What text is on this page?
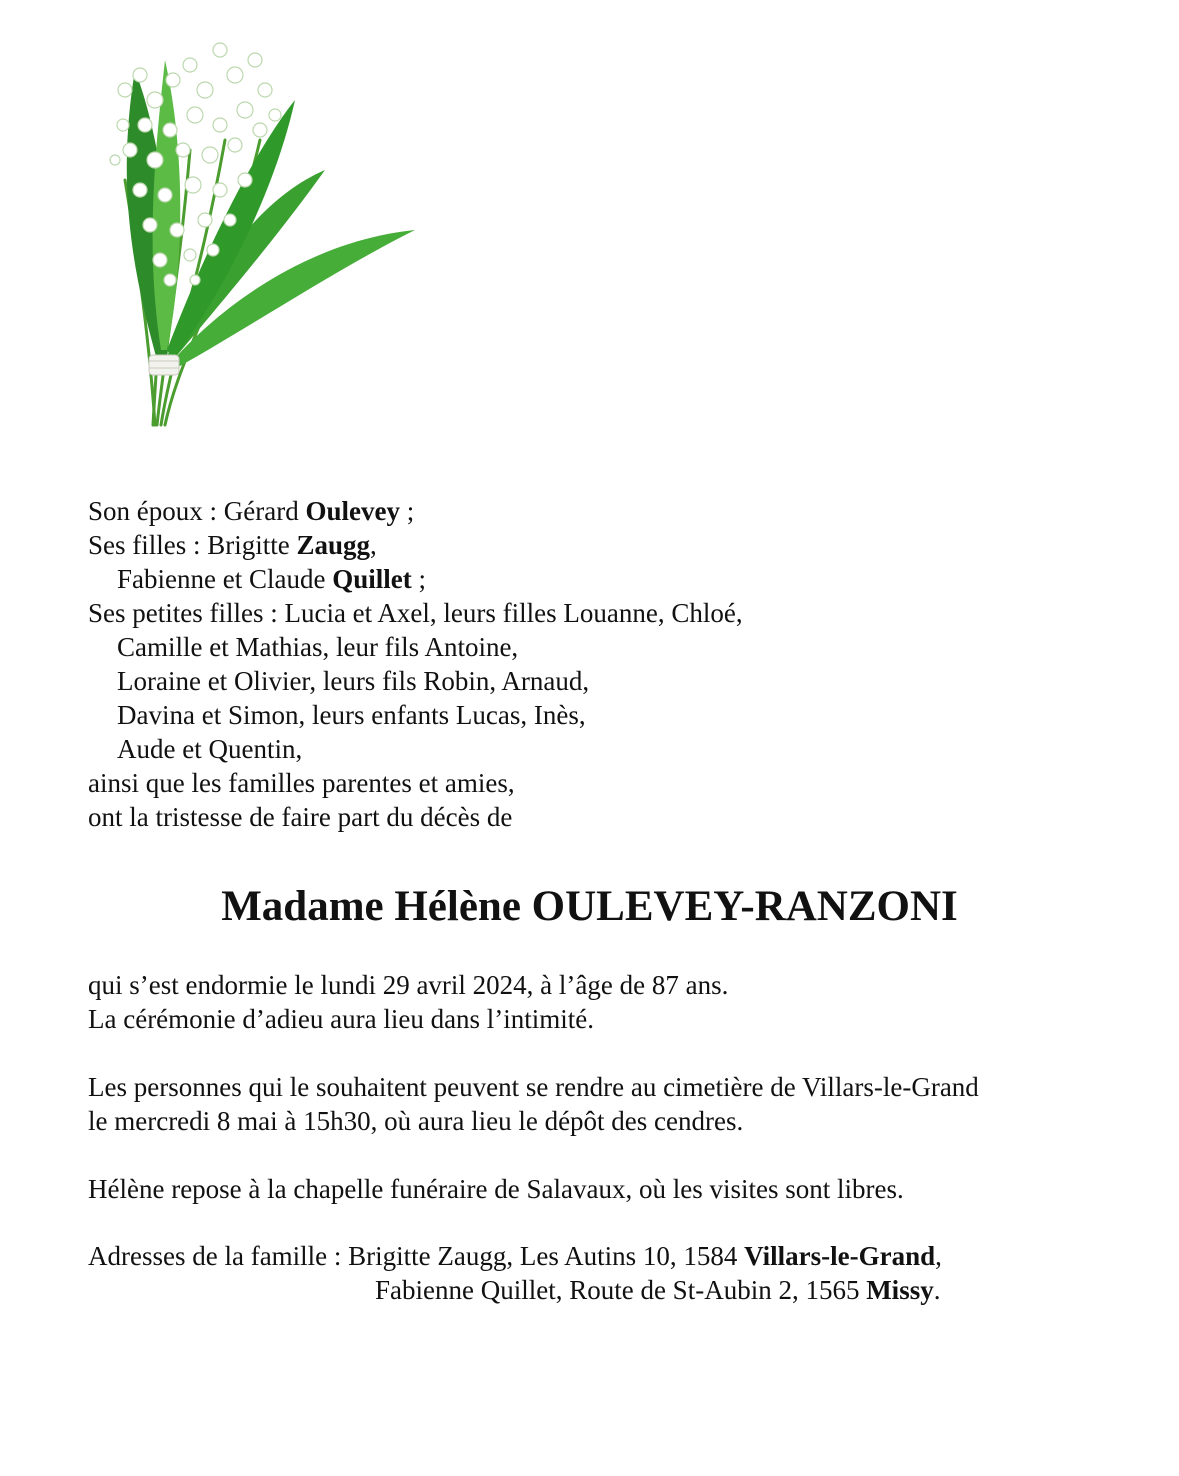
Son époux : Gérard Oulevey ;
Ses filles : Brigitte Zaugg,
Fabienne et Claude Quillet ;
Ses petites filles : Lucia et Axel, leurs filles Louanne, Chloé,
Camille et Mathias, leur fils Antoine,
Loraine et Olivier, leurs fils Robin, Arnaud,
Davina et Simon, leurs enfants Lucas, Inès,
Aude et Quentin,
ainsi que les familles parentes et amies,
ont la tristesse de faire part du décès de
Madame Hélène OULEVEY-RANZONI
qui s’est endormie le lundi 29 avril 2024, à l’âge de 87 ans.
La cérémonie d’adieu aura lieu dans l’intimité.
Les personnes qui le souhaitent peuvent se rendre au cimetière de Villars-le-Grand
le mercredi 8 mai à 15h30, où aura lieu le dépôt des cendres.
Hélène repose à la chapelle funéraire de Salavaux, où les visites sont libres.
Adresses de la famille : Brigitte Zaugg, Les Autins 10, 1584 Villars-le-Grand,
Fabienne Quillet, Route de St-Aubin 2, 1565 Missy.
